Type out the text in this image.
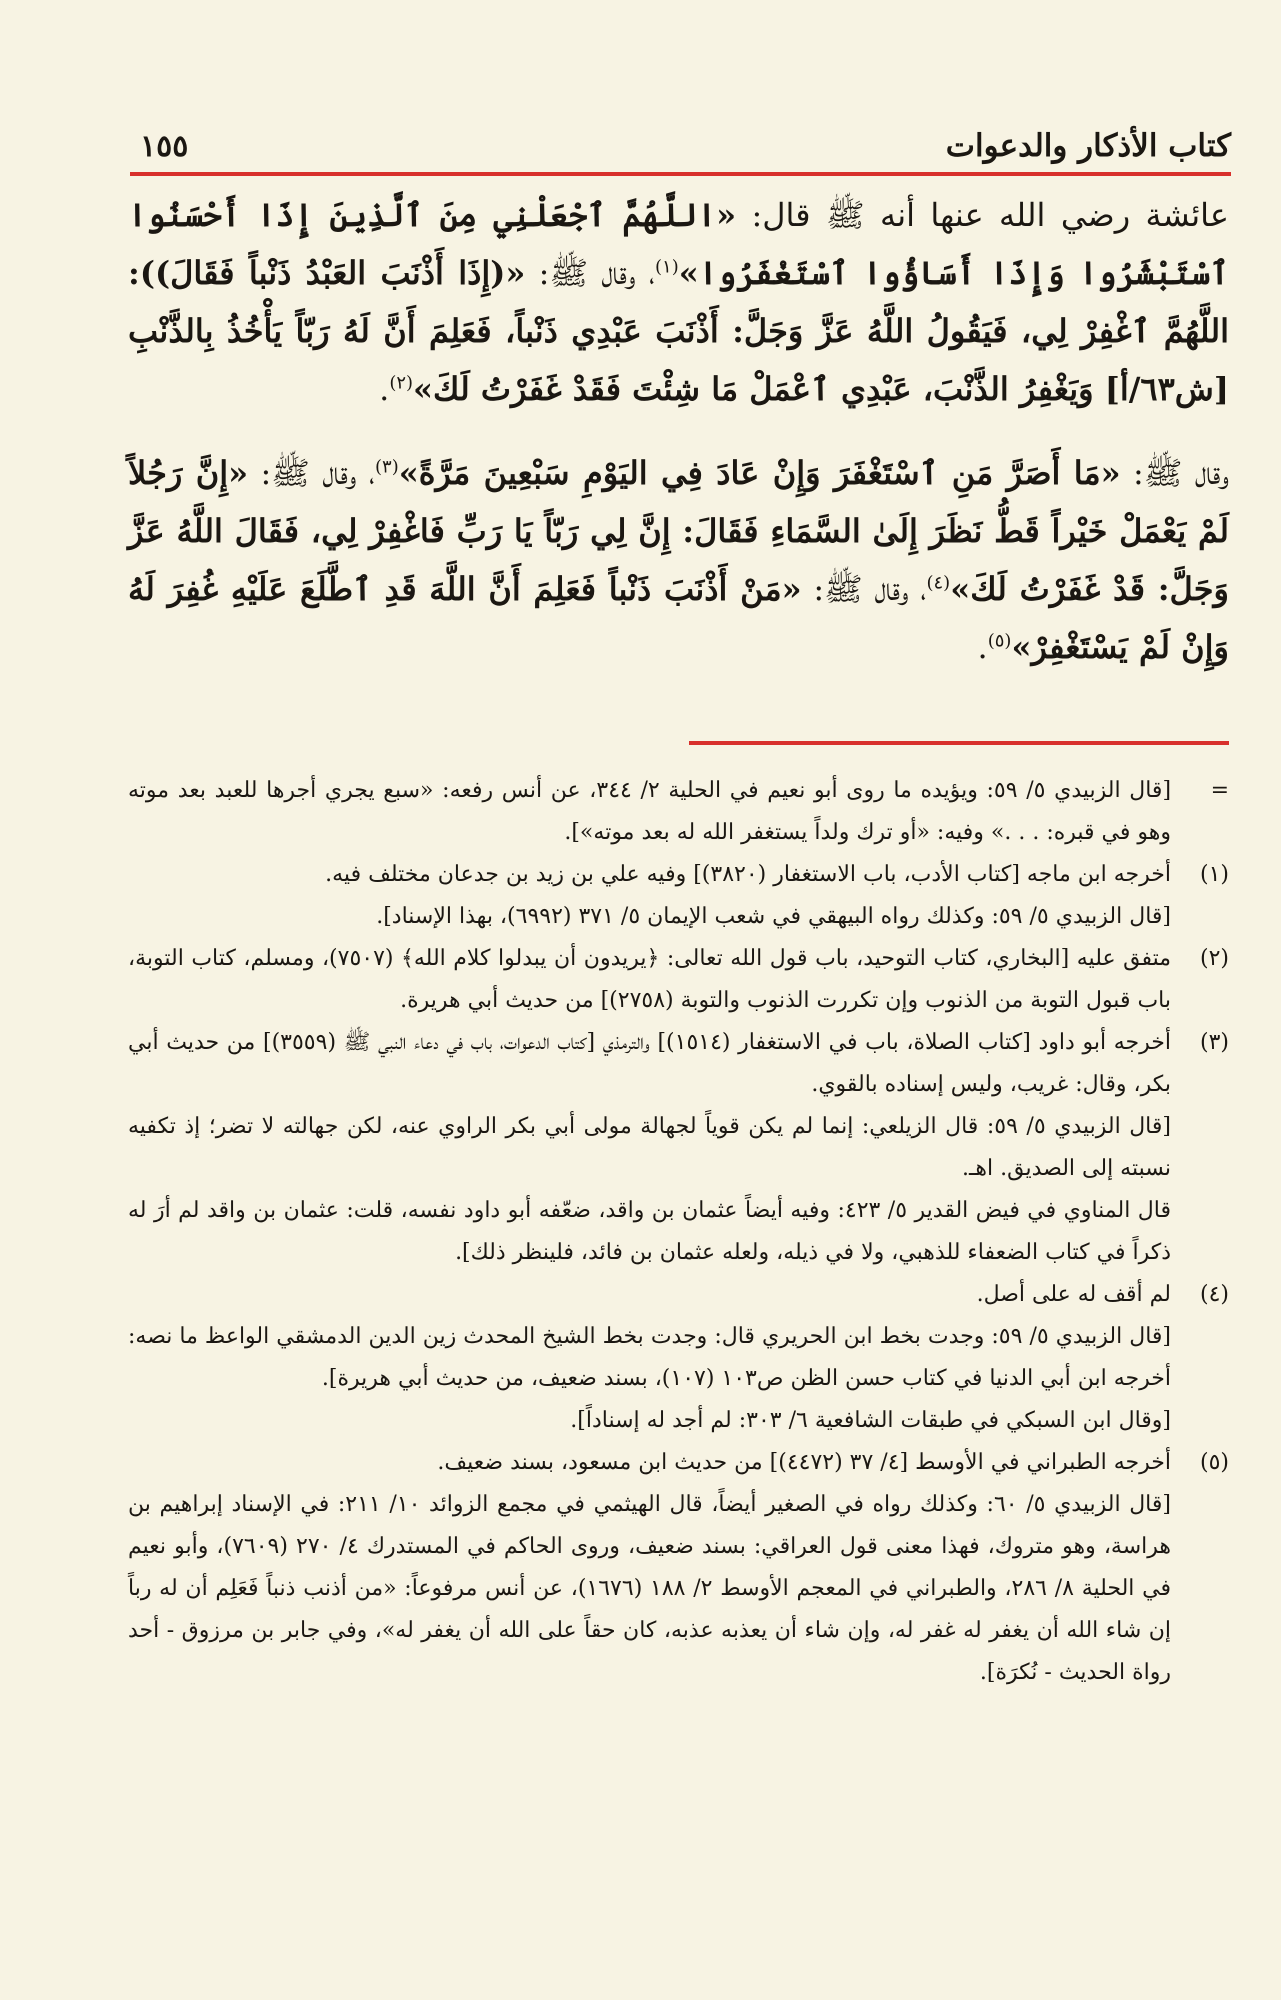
كتاب الأذكار والدعوات
١٥٥

عائشة رضي الله عنها أنه ﷺ قال: «اللَّهُمَّ ٱجْعَلْنِي مِنَ ٱلَّذِينَ إِذَا أَحْسَنُوا ٱسْتَبْشَرُوا وَإِذَا أَسَاؤُوا ٱسْتَغْفَرُوا»$^{(١)}$، وقال ﷺ: «(إِذَا أَذْنَبَ العَبْدُ ذَنْباً فَقَالَ)): اللَّهُمَّ ٱغْفِرْ لِي، فَيَقُولُ اللَّهُ عَزَّ وَجَلَّ: أَذْنَبَ عَبْدِي ذَنْباً، فَعَلِمَ أَنَّ لَهُ رَبّاً يَأْخُذُ بِالذَّنْبِ [ش٦٣/أ] وَيَغْفِرُ الذَّنْبَ، عَبْدِي ٱعْمَلْ مَا شِئْتَ فَقَدْ غَفَرْتُ لَكَ»$^{(٢)}$.

وقال ﷺ: «مَا أَصَرَّ مَنِ ٱسْتَغْفَرَ وَإِنْ عَادَ فِي اليَوْمِ سَبْعِينَ مَرَّةً»$^{(٣)}$، وقال ﷺ: «إِنَّ رَجُلاً لَمْ يَعْمَلْ خَيْراً قَطُّ نَظَرَ إِلَىٰ السَّمَاءِ فَقَالَ: إِنَّ لِي رَبّاً يَا رَبِّ فَاغْفِرْ لِي، فَقَالَ اللَّهُ عَزَّ وَجَلَّ: قَدْ غَفَرْتُ لَكَ»$^{(٤)}$، وقال ﷺ: «مَنْ أَذْنَبَ ذَنْباً فَعَلِمَ أَنَّ اللَّهَ قَدِ ٱطَّلَعَ عَلَيْهِ غُفِرَ لَهُ وَإِنْ لَمْ يَسْتَغْفِرْ»$^{(٥)}$.

=

[قال الزبيدي ٥/ ٥٩: ويؤيده ما روى أبو نعيم في الحلية ٢/ ٣٤٤، عن أنس رفعه: «سبع يجري أجرها للعبد بعد موته وهو في قبره: . . .» وفيه: «أو ترك ولداً يستغفر الله له بعد موته»].

(١)

أخرجه ابن ماجه [كتاب الأدب، باب الاستغفار (٣٨٢٠)] وفيه علي بن زيد بن جدعان مختلف فيه.

[قال الزبيدي ٥/ ٥٩: وكذلك رواه البيهقي في شعب الإيمان ٥/ ٣٧١ (٦٩٩٢)، بهذا الإسناد].

(٢)

متفق عليه [البخاري، كتاب التوحيد، باب قول الله تعالى: ﴿يريدون أن يبدلوا كلام الله﴾ (٧٥٠٧)، ومسلم، كتاب التوبة، باب قبول التوبة من الذنوب وإن تكررت الذنوب والتوبة (٢٧٥٨)] من حديث أبي هريرة.

(٣)

أخرجه أبو داود [كتاب الصلاة، باب في الاستغفار (١٥١٤)] والترمذي [كتاب الدعوات، باب في دعاء النبي ﷺ (٣٥٥٩)] من حديث أبي بكر، وقال: غريب، وليس إسناده بالقوي.

[قال الزبيدي ٥/ ٥٩: قال الزيلعي: إنما لم يكن قوياً لجهالة مولى أبي بكر الراوي عنه، لكن جهالته لا تضر؛ إذ تكفيه نسبته إلى الصديق. اهـ.

قال المناوي في فيض القدير ٥/ ٤٢٣: وفيه أيضاً عثمان بن واقد، ضعّفه أبو داود نفسه، قلت: عثمان بن واقد لم أرَ له ذكراً في كتاب الضعفاء للذهبي، ولا في ذيله، ولعله عثمان بن فائد، فلينظر ذلك].

(٤)

لم أقف له على أصل.

[قال الزبيدي ٥/ ٥٩: وجدت بخط ابن الحريري قال: وجدت بخط الشيخ المحدث زين الدين الدمشقي الواعظ ما نصه: أخرجه ابن أبي الدنيا في كتاب حسن الظن ص١٠٣ (١٠٧)، بسند ضعيف، من حديث أبي هريرة].

[وقال ابن السبكي في طبقات الشافعية ٦/ ٣٠٣: لم أجد له إسناداً].

(٥)

أخرجه الطبراني في الأوسط [٤/ ٣٧ (٤٤٧٢)] من حديث ابن مسعود، بسند ضعيف.

[قال الزبيدي ٥/ ٦٠: وكذلك رواه في الصغير أيضاً، قال الهيثمي في مجمع الزوائد ١٠/ ٢١١: في الإسناد إبراهيم بن هراسة، وهو متروك، فهذا معنى قول العراقي: بسند ضعيف، وروى الحاكم في المستدرك ٤/ ٢٧٠ (٧٦٠٩)، وأبو نعيم في الحلية ٨/ ٢٨٦، والطبراني في المعجم الأوسط ٢/ ١٨٨ (١٦٧٦)، عن أنس مرفوعاً: «من أذنب ذنباً فَعَلِم أن له رباً إن شاء الله أن يغفر له غفر له، وإن شاء أن يعذبه عذبه، كان حقاً على الله أن يغفر له»، وفي جابر بن مرزوق - أحد رواة الحديث - نُكرَة].
